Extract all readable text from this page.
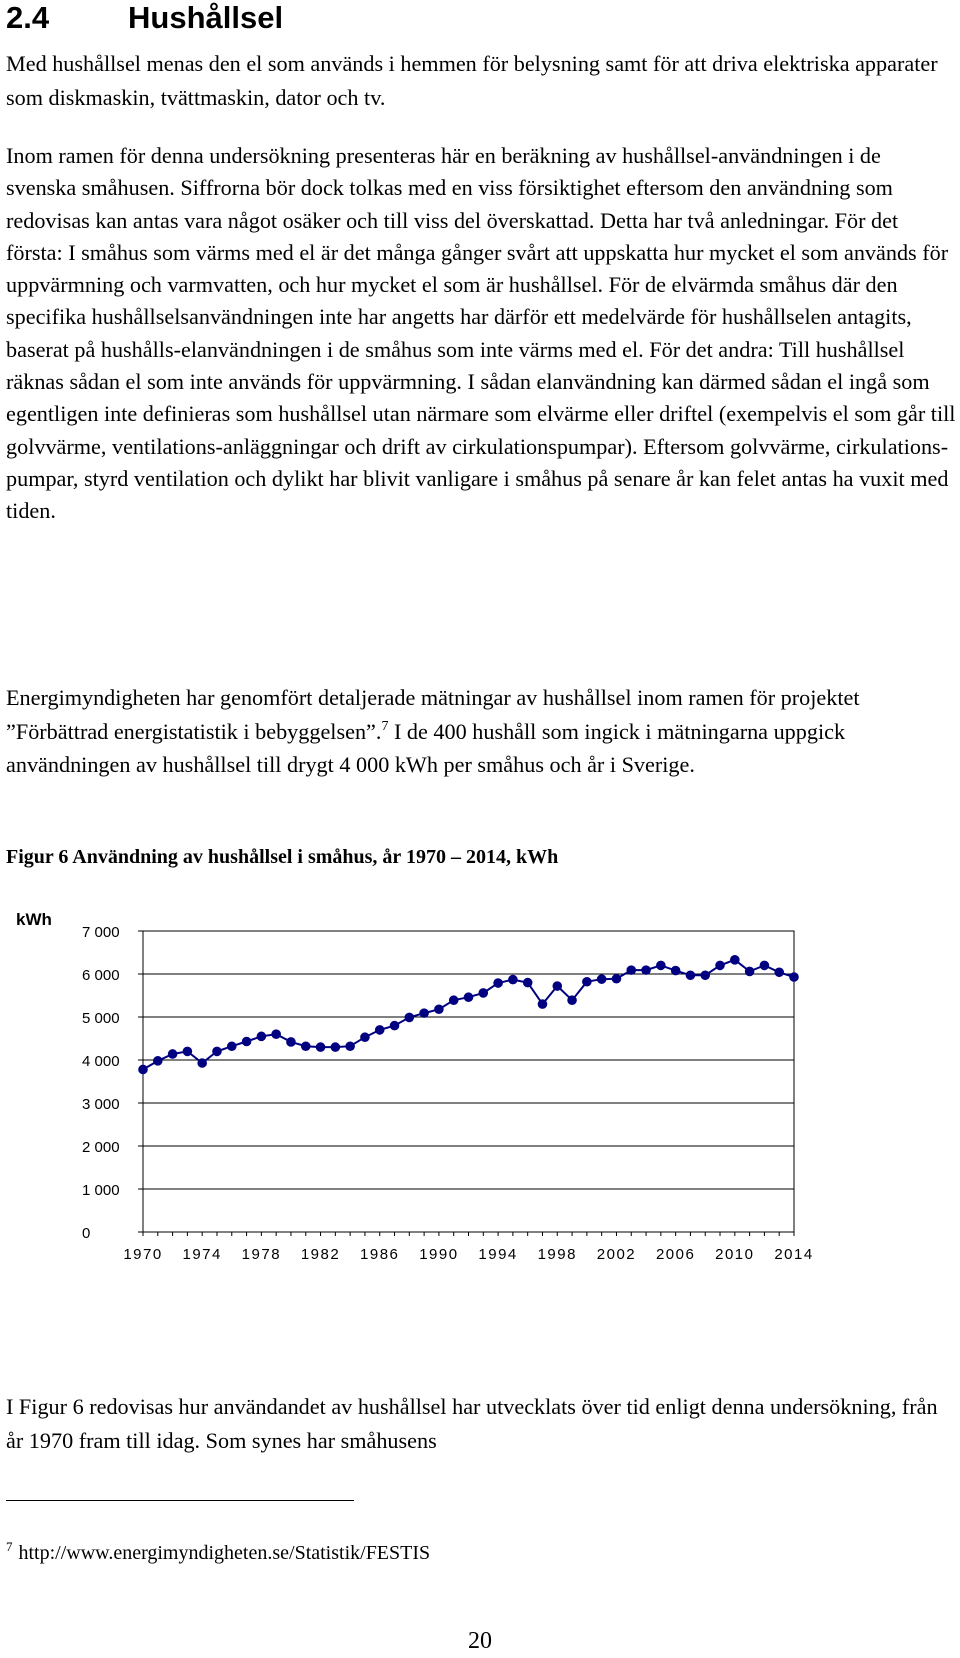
2.4	Hushållsel

Med hushållsel menas den el som används i hemmen för belysning samt för att driva elektriska apparater som diskmaskin, tvättmaskin, dator och tv.

Inom ramen för denna undersökning presenteras här en beräkning av hushållsel-användningen i de svenska småhusen. Siffrorna bör dock tolkas med en viss försiktighet eftersom den användning som redovisas kan antas vara något osäker och till viss del överskattad. Detta har två anledningar. För det första: I småhus som värms med el är det många gånger svårt att uppskatta hur mycket el som används för uppvärmning och varmvatten, och hur mycket el som är hushållsel. För de elvärmda småhus där den specifika hushållselsanvändningen inte har angetts har därför ett medelvärde för hushållselen antagits, baserat på hushålls-elanvändningen i de småhus som inte värms med el. För det andra: Till hushållsel räknas sådan el som inte används för uppvärmning. I sådan elanvändning kan därmed sådan el ingå som egentligen inte definieras som hushållsel utan närmare som elvärme eller driftel (exempelvis el som går till golvvärme, ventilations-anläggningar och drift av cirkulationspumpar). Eftersom golvvärme, cirkulations-pumpar, styrd ventilation och dylikt har blivit vanligare i småhus på senare år kan felet antas ha vuxit med tiden.

Energimyndigheten har genomfört detaljerade mätningar av hushållsel inom ramen för projektet ”Förbättrad energistatistik i bebyggelsen”.$^7$ I de 400 hushåll som ingick i mätningarna uppgick användningen av hushållsel till drygt 4 000 kWh per småhus och år i Sverige.

Figur 6 Användning av hushållsel i småhus, år 1970 – 2014, kWh

kWh
0
1 000
2 000
3 000
4 000
5 000
6 000
7 000
1970 1974 1978 1982 1986 1990 1994 1998 2002 2006 2010 2014

I Figur 6 redovisas hur användandet av hushållsel har utvecklats över tid enligt denna undersökning, från år 1970 fram till idag. Som synes har småhusens

$^7$ http://www.energimyndigheten.se/Statistik/FESTIS

20
